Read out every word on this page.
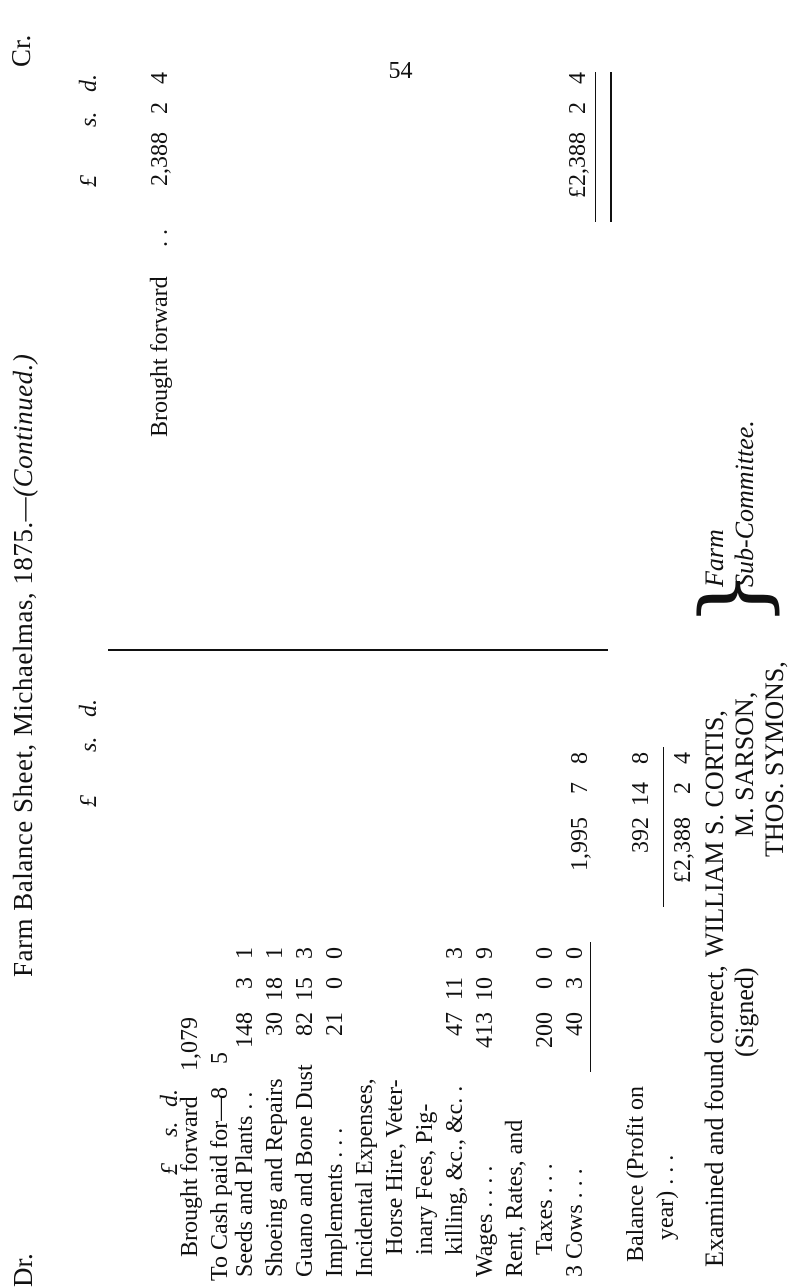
54
Dr.
Farm Balance Sheet, Michaelmas, 1875.—(Continued.)
Cr.
£
s.
d.
£
s.
d.
Brought forward
1,079
8
5
To Cash paid for— Seeds and Plants . . Shoeing and Repairs Guano and Bone Dust Implements . . . Incidental Expenses, Horse Hire, Veter- inary Fees, Pig- killing, &c., &c. . Wages . . . . Rent, Rates, and Taxes . . . 3 Cows . . .
148
3
1
30
18
1
82
15
3
21
0
0
47
11
3
413
10
9
200
0
0
40
3
0
1,995
7
8
Balance (Profit on year) . . .
392
14
8
£2,388
2
4
£
s.
d.
Brought forward
. .
2,388
2
4
£2,388
2
4
Examined and found correct, (Signed)
WILLIAM S. CORTIS, M. SARSON, THOS. SYMONS,
}
Farm Sub-Committee.
